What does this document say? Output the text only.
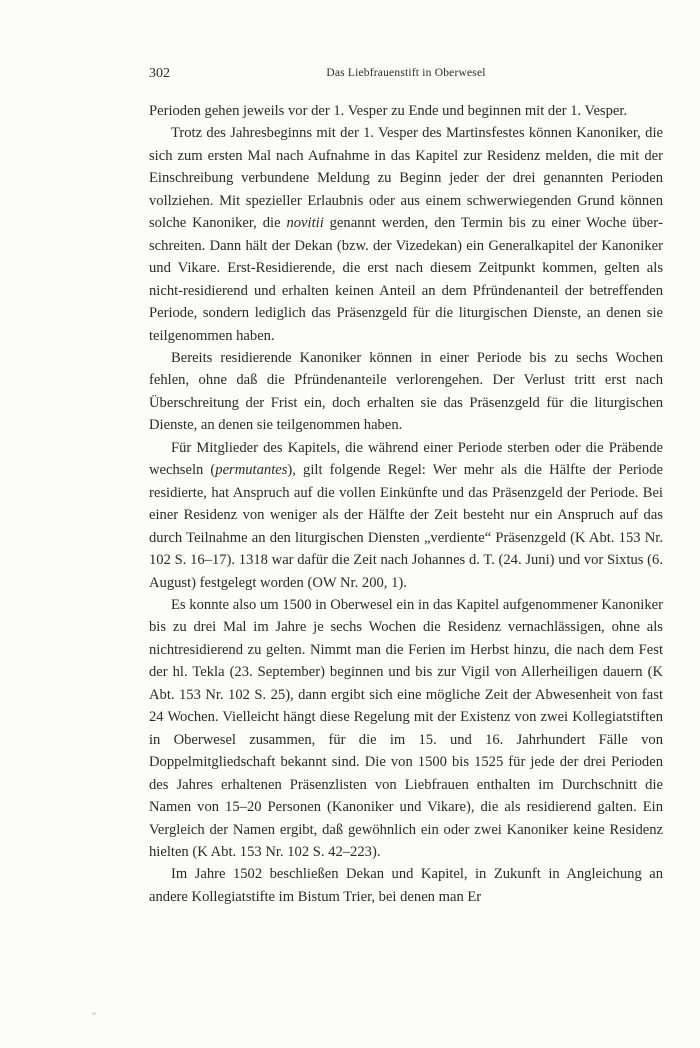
302	Das Liebfrauenstift in Oberwesel

Perioden gehen jeweils vor der 1. Vesper zu Ende und beginnen mit der 1. Vesper.

Trotz des Jahresbeginns mit der 1. Vesper des Martinsfestes können Kanoniker, die sich zum ersten Mal nach Aufnahme in das Kapitel zur Residenz melden, die mit der Einschreibung verbundene Meldung zu Beginn jeder der drei genannten Perioden vollziehen. Mit spezieller Erlaubnis oder aus einem schwerwiegenden Grund können solche Kanoniker, die novitii genannt werden, den Termin bis zu einer Woche überschreiten. Dann hält der Dekan (bzw. der Vizedekan) ein Generalkapitel der Kanoniker und Vikare. Erst-Residierende, die erst nach diesem Zeitpunkt kommen, gelten als nicht-residierend und erhalten keinen Anteil an dem Pfründenanteil der betreffenden Periode, sondern lediglich das Präsenzgeld für die liturgischen Dienste, an denen sie teilgenommen haben.

Bereits residierende Kanoniker können in einer Periode bis zu sechs Wochen fehlen, ohne daß die Pfründenanteile verlorengehen. Der Verlust tritt erst nach Überschreitung der Frist ein, doch erhalten sie das Präsenzgeld für die liturgischen Dienste, an denen sie teilgenommen haben.

Für Mitglieder des Kapitels, die während einer Periode sterben oder die Präbende wechseln (permutantes), gilt folgende Regel: Wer mehr als die Hälfte der Periode residierte, hat Anspruch auf die vollen Einkünfte und das Präsenzgeld der Periode. Bei einer Residenz von weniger als der Hälfte der Zeit besteht nur ein Anspruch auf das durch Teilnahme an den liturgischen Diensten „verdiente“ Präsenzgeld (K Abt. 153 Nr. 102 S. 16–17). 1318 war dafür die Zeit nach Johannes d. T. (24. Juni) und vor Sixtus (6. August) festgelegt worden (OW Nr. 200, 1).

Es konnte also um 1500 in Oberwesel ein in das Kapitel aufgenommener Kanoniker bis zu drei Mal im Jahre je sechs Wochen die Residenz vernachlässigen, ohne als nichtresidierend zu gelten. Nimmt man die Ferien im Herbst hinzu, die nach dem Fest der hl. Tekla (23. September) beginnen und bis zur Vigil von Allerheiligen dauern (K Abt. 153 Nr. 102 S. 25), dann ergibt sich eine mögliche Zeit der Abwesenheit von fast 24 Wochen. Vielleicht hängt diese Regelung mit der Existenz von zwei Kollegiatstiften in Oberwesel zusammen, für die im 15. und 16. Jahrhundert Fälle von Doppelmitgliedschaft bekannt sind. Die von 1500 bis 1525 für jede der drei Perioden des Jahres erhaltenen Präsenzlisten von Liebfrauen enthalten im Durchschnitt die Namen von 15–20 Personen (Kanoniker und Vikare), die als residierend galten. Ein Vergleich der Namen ergibt, daß gewöhnlich ein oder zwei Kanoniker keine Residenz hielten (K Abt. 153 Nr. 102 S. 42–223).

Im Jahre 1502 beschließen Dekan und Kapitel, in Zukunft in Angleichung an andere Kollegiatstifte im Bistum Trier, bei denen man Er
